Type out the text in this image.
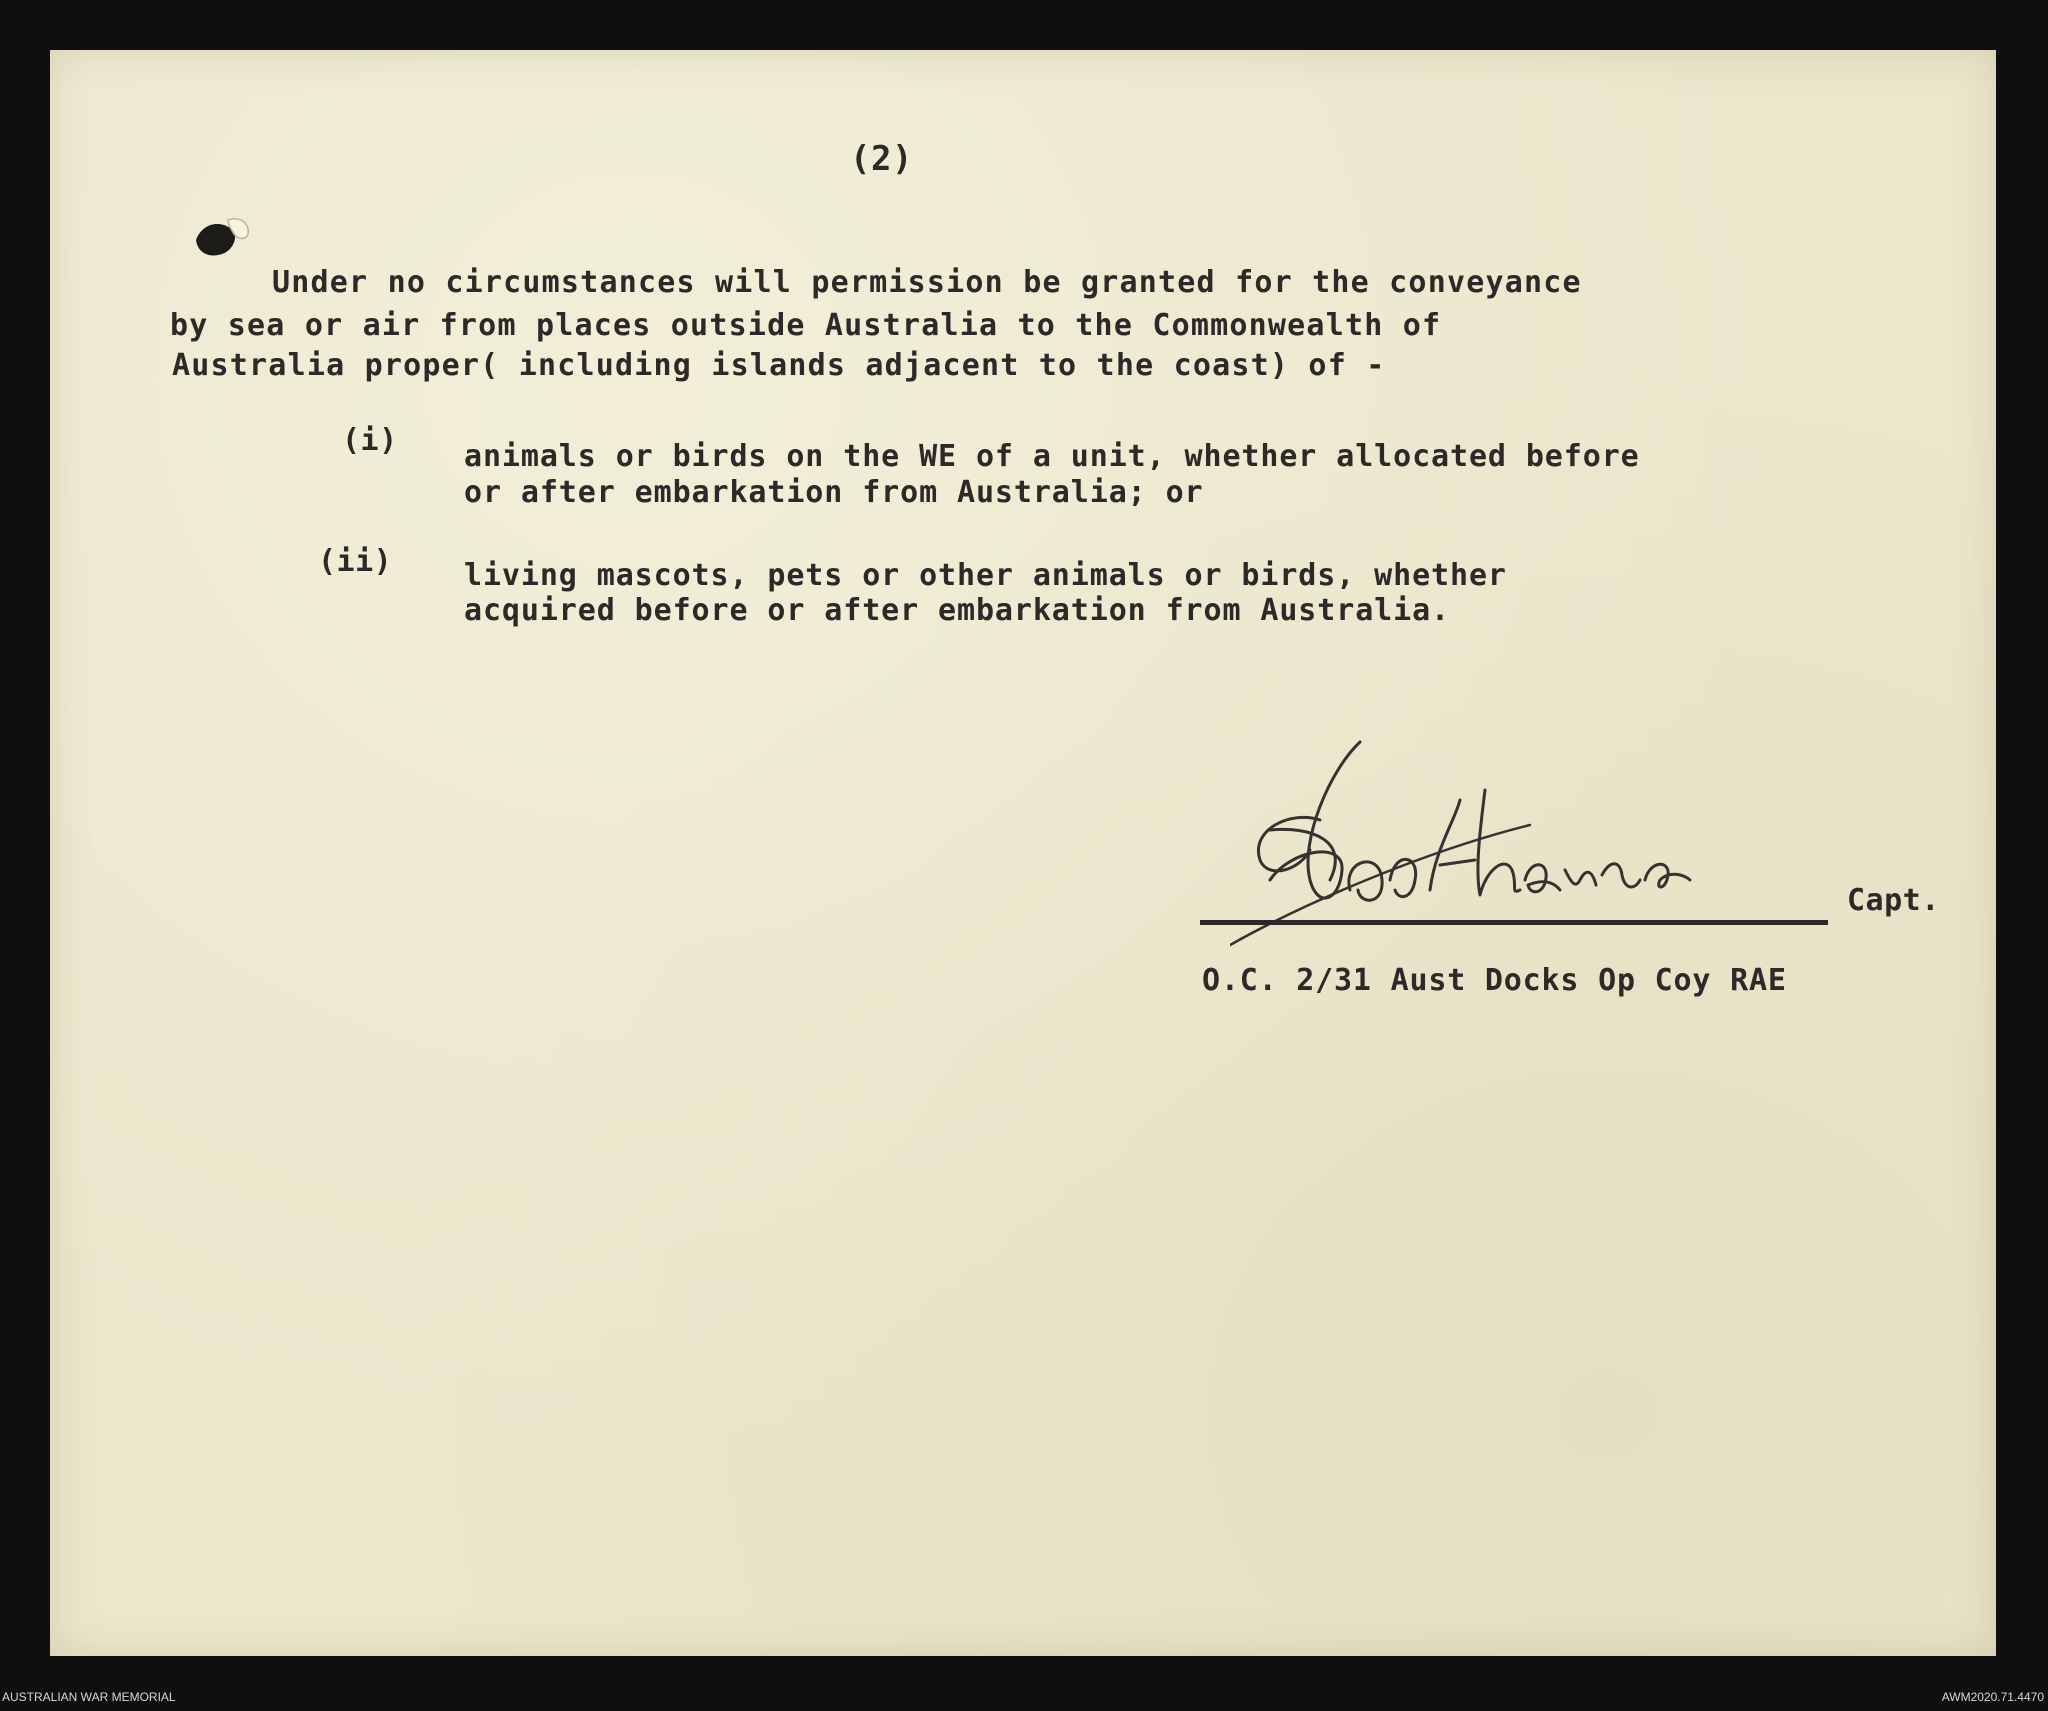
(2)
Under no circumstances will permission be granted for the conveyance
by sea or air from places outside Australia to the Commonwealth of
Australia proper( including islands adjacent to the coast) of -
(i) animals or birds on the WE of a unit, whether allocated before
or after embarkation from Australia; or
(ii) living mascots, pets or other animals or birds, whether
acquired before or after embarkation from Australia.
Capt.
O.C. 2/31 Aust Docks Op Coy RAE
AUSTRALIAN WAR MEMORIAL	AWM2020.71.4470
